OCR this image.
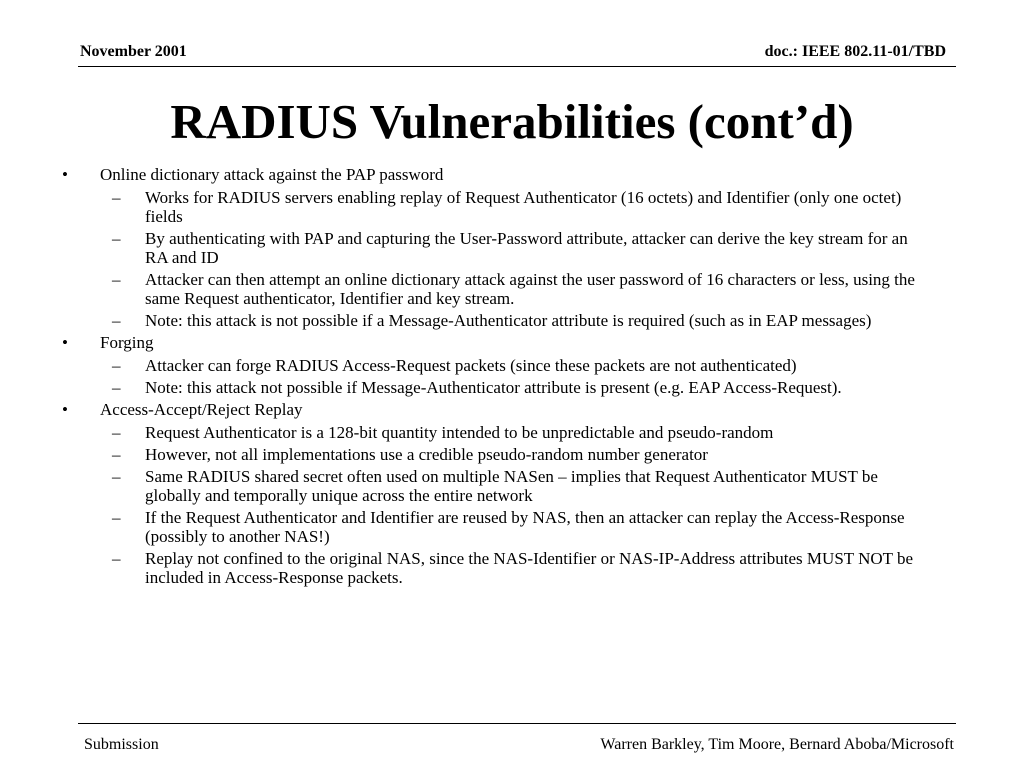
November 2001	doc.: IEEE 802.11-01/TBD
RADIUS Vulnerabilities (cont’d)
• Online dictionary attack against the PAP password
– Works for RADIUS servers enabling replay of Request Authenticator (16 octets) and Identifier (only one octet) fields
– By authenticating with PAP and capturing the User-Password attribute, attacker can derive the key stream for an RA and ID
– Attacker can then attempt an online dictionary attack against the user password of 16 characters or less, using the same Request authenticator, Identifier and key stream.
– Note: this attack is not possible if a Message-Authenticator attribute is required (such as in EAP messages)
• Forging
– Attacker can forge RADIUS Access-Request packets (since these packets are not authenticated)
– Note: this attack not possible if Message-Authenticator attribute is present (e.g. EAP Access-Request).
• Access-Accept/Reject Replay
– Request Authenticator is a 128-bit quantity intended to be unpredictable and pseudo-random
– However, not all implementations use a credible pseudo-random number generator
– Same RADIUS shared secret often used on multiple NASen – implies that Request Authenticator MUST be globally and temporally unique across the entire network
– If the Request Authenticator and Identifier are reused by NAS, then an attacker can replay the Access-Response (possibly to another NAS!)
– Replay not confined to the original NAS, since the NAS-Identifier or NAS-IP-Address attributes MUST NOT be included in Access-Response packets.
Submission	Warren Barkley, Tim Moore, Bernard Aboba/Microsoft
